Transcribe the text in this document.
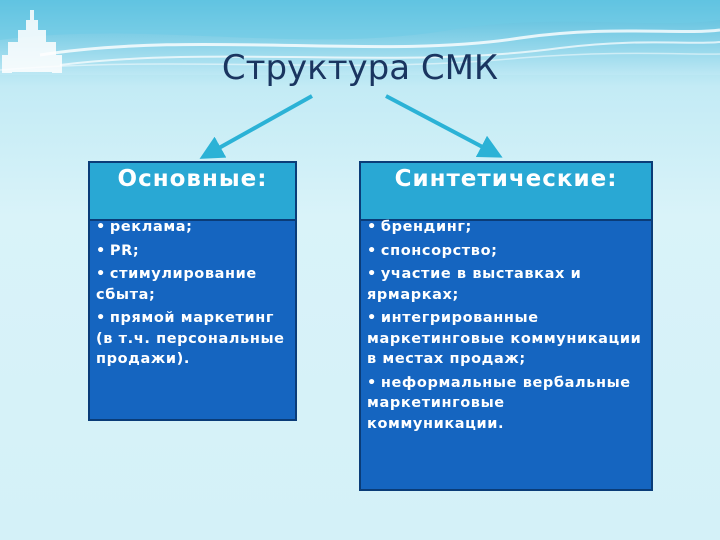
Структура СМК
Основные:
• реклама;
• PR;
• стимулирование сбыта;
• прямой маркетинг (в т.ч. персональные продажи).
Синтетические:
• брендинг;
• спонсорство;
• участие в выставках и ярмарках;
• интегрированные маркетинговые коммуникации в местах продаж;
• неформальные вербальные маркетинговые коммуникации.
